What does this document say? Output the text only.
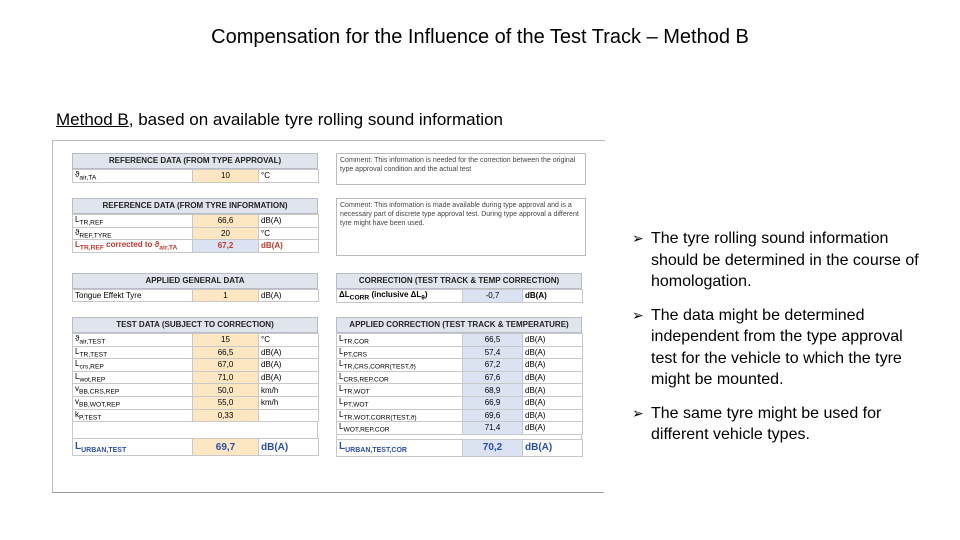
Compensation for the Influence of the Test Track – Method B
Method B, based on available tyre rolling sound information
REFERENCE DATA (FROM TYPE APPROVAL)
$ϑ_{air,TA}$	10	°C
Comment: This information is needed for the correction between the original type approval condition and the actual test
REFERENCE DATA (FROM TYRE INFORMATION)
$L_{TR,REF}$	66,6	dB(A)
$ϑ_{REF,TYRE}$	20	°C
$L_{TR,REF}$ corrected to $ϑ_{air,TA}$	67,2	dB(A)
Comment: This information is made available during type approval and is a necessary part of discrete type approval test. During type approval a different tyre might have been used.
APPLIED GENERAL DATA
Tongue Effekt Tyre	1	dB(A)
CORRECTION (TEST TRACK & TEMP CORRECTION)
$\Delta L_{CORR}$ (inclusive $\Delta L_\theta$)	-0,7	dB(A)
TEST DATA (SUBJECT TO CORRECTION)
$ϑ_{air,TEST}$	15	°C
$L_{TR,TEST}$	66,5	dB(A)
$L_{crs,REP}$	67,0	dB(A)
$L_{wot,REP}$	71,0	dB(A)
$v_{BB,CRS,REP}$	50,0	km/h
$v_{BB,WOT,REP}$	55,0	km/h
$k_{P,TEST}$	0,33	
$L_{URBAN,TEST}$	69,7	dB(A)
APPLIED CORRECTION (TEST TRACK & TEMPERATURE)
$L_{TR,COR}$	66,5	dB(A)
$L_{PT,CRS}$	57,4	dB(A)
$L_{TR,CRS,CORR(TEST,ϑ)}$	67,2	dB(A)
$L_{CRS,REP,COR}$	67,6	dB(A)
$L_{TR,WOT}$	68,9	dB(A)
$L_{PT,WOT}$	66,9	dB(A)
$L_{TR,WOT,CORR(TEST,ϑ)}$	69,6	dB(A)
$L_{WOT,REP,COR}$	71,4	dB(A)
$L_{URBAN,TEST,COR}$	70,2	dB(A)
➢ The tyre rolling sound information should be determined in the course of homologation.
➢ The data might be determined independent from the type approval test for the vehicle to which the tyre might be mounted.
➢ The same tyre might be used for different vehicle types.
